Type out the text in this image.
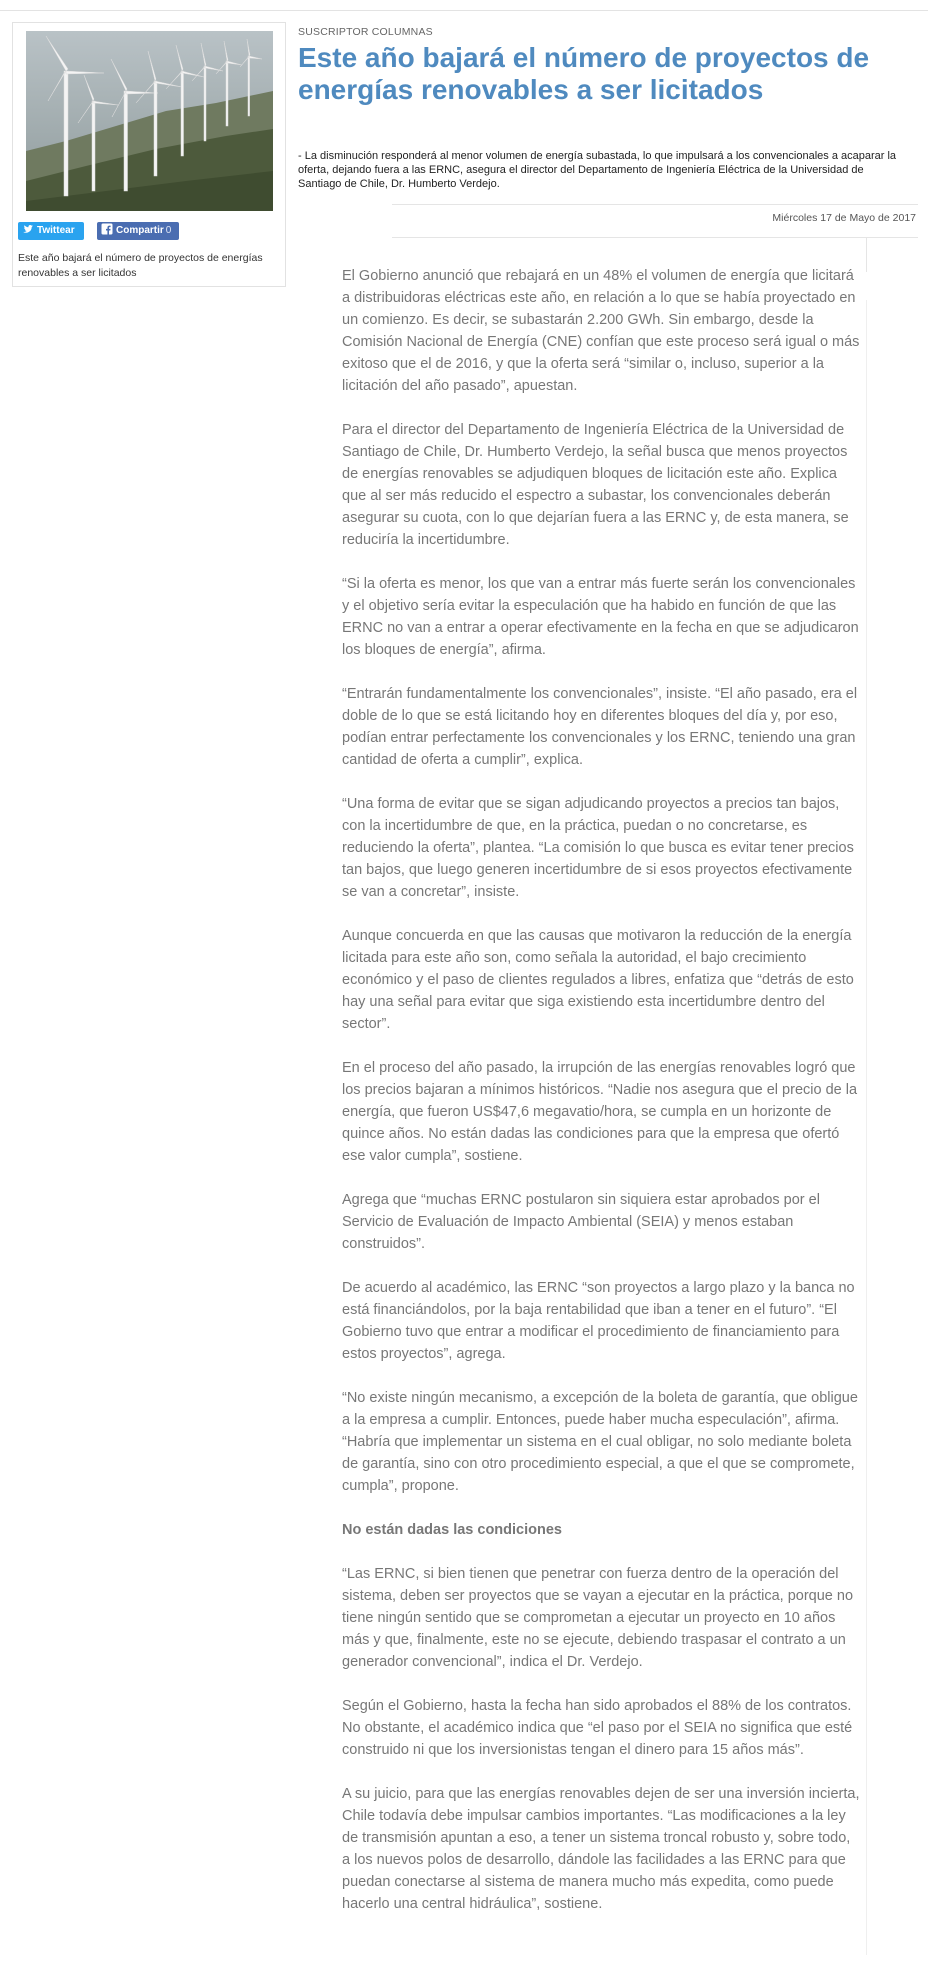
Twittear	Compartir 0
Este año bajará el número de proyectos de energías renovables a ser licitados
SUSCRIPTOR COLUMNAS
Este año bajará el número de proyectos de energías renovables a ser licitados

- La disminución responderá al menor volumen de energía subastada, lo que impulsará a los convencionales a acaparar la oferta, dejando fuera a las ERNC, asegura el director del Departamento de Ingeniería Eléctrica de la Universidad de Santiago de Chile, Dr. Humberto Verdejo.

Miércoles 17 de Mayo de 2017

El Gobierno anunció que rebajará en un 48% el volumen de energía que licitará a distribuidoras eléctricas este año, en relación a lo que se había proyectado en un comienzo. Es decir, se subastarán 2.200 GWh. Sin embargo, desde la Comisión Nacional de Energía (CNE) confían que este proceso será igual o más exitoso que el de 2016, y que la oferta será “similar o, incluso, superior a la licitación del año pasado”, apuestan.

Para el director del Departamento de Ingeniería Eléctrica de la Universidad de Santiago de Chile, Dr. Humberto Verdejo, la señal busca que menos proyectos de energías renovables se adjudiquen bloques de licitación este año. Explica que al ser más reducido el espectro a subastar, los convencionales deberán asegurar su cuota, con lo que dejarían fuera a las ERNC y, de esta manera, se reduciría la incertidumbre.

“Si la oferta es menor, los que van a entrar más fuerte serán los convencionales y el objetivo sería evitar la especulación que ha habido en función de que las ERNC no van a entrar a operar efectivamente en la fecha en que se adjudicaron los bloques de energía”, afirma.

“Entrarán fundamentalmente los convencionales”, insiste. “El año pasado, era el doble de lo que se está licitando hoy en diferentes bloques del día y, por eso, podían entrar perfectamente los convencionales y los ERNC, teniendo una gran cantidad de oferta a cumplir”, explica.

“Una forma de evitar que se sigan adjudicando proyectos a precios tan bajos, con la incertidumbre de que, en la práctica, puedan o no concretarse, es reduciendo la oferta”, plantea. “La comisión lo que busca es evitar tener precios tan bajos, que luego generen incertidumbre de si esos proyectos efectivamente se van a concretar”, insiste.

Aunque concuerda en que las causas que motivaron la reducción de la energía licitada para este año son, como señala la autoridad, el bajo crecimiento económico y el paso de clientes regulados a libres, enfatiza que “detrás de esto hay una señal para evitar que siga existiendo esta incertidumbre dentro del sector”.

En el proceso del año pasado, la irrupción de las energías renovables logró que los precios bajaran a mínimos históricos. “Nadie nos asegura que el precio de la energía, que fueron US$47,6 megavatio/hora, se cumpla en un horizonte de quince años. No están dadas las condiciones para que la empresa que ofertó ese valor cumpla”, sostiene.

Agrega que “muchas ERNC postularon sin siquiera estar aprobados por el Servicio de Evaluación de Impacto Ambiental (SEIA) y menos estaban construidos”.

De acuerdo al académico, las ERNC “son proyectos a largo plazo y la banca no está financiándolos, por la baja rentabilidad que iban a tener en el futuro”. “El Gobierno tuvo que entrar a modificar el procedimiento de financiamiento para estos proyectos”, agrega.

“No existe ningún mecanismo, a excepción de la boleta de garantía, que obligue a la empresa a cumplir. Entonces, puede haber mucha especulación”, afirma. “Habría que implementar un sistema en el cual obligar, no solo mediante boleta de garantía, sino con otro procedimiento especial, a que el que se compromete, cumpla”, propone.

No están dadas las condiciones

“Las ERNC, si bien tienen que penetrar con fuerza dentro de la operación del sistema, deben ser proyectos que se vayan a ejecutar en la práctica, porque no tiene ningún sentido que se comprometan a ejecutar un proyecto en 10 años más y que, finalmente, este no se ejecute, debiendo traspasar el contrato a un generador convencional”, indica el Dr. Verdejo.

Según el Gobierno, hasta la fecha han sido aprobados el 88% de los contratos. No obstante, el académico indica que “el paso por el SEIA no significa que esté construido ni que los inversionistas tengan el dinero para 15 años más”.

A su juicio, para que las energías renovables dejen de ser una inversión incierta, Chile todavía debe impulsar cambios importantes. “Las modificaciones a la ley de transmisión apuntan a eso, a tener un sistema troncal robusto y, sobre todo, a los nuevos polos de desarrollo, dándole las facilidades a las ERNC para que puedan conectarse al sistema de manera mucho más expedita, como puede hacerlo una central hidráulica”, sostiene.
